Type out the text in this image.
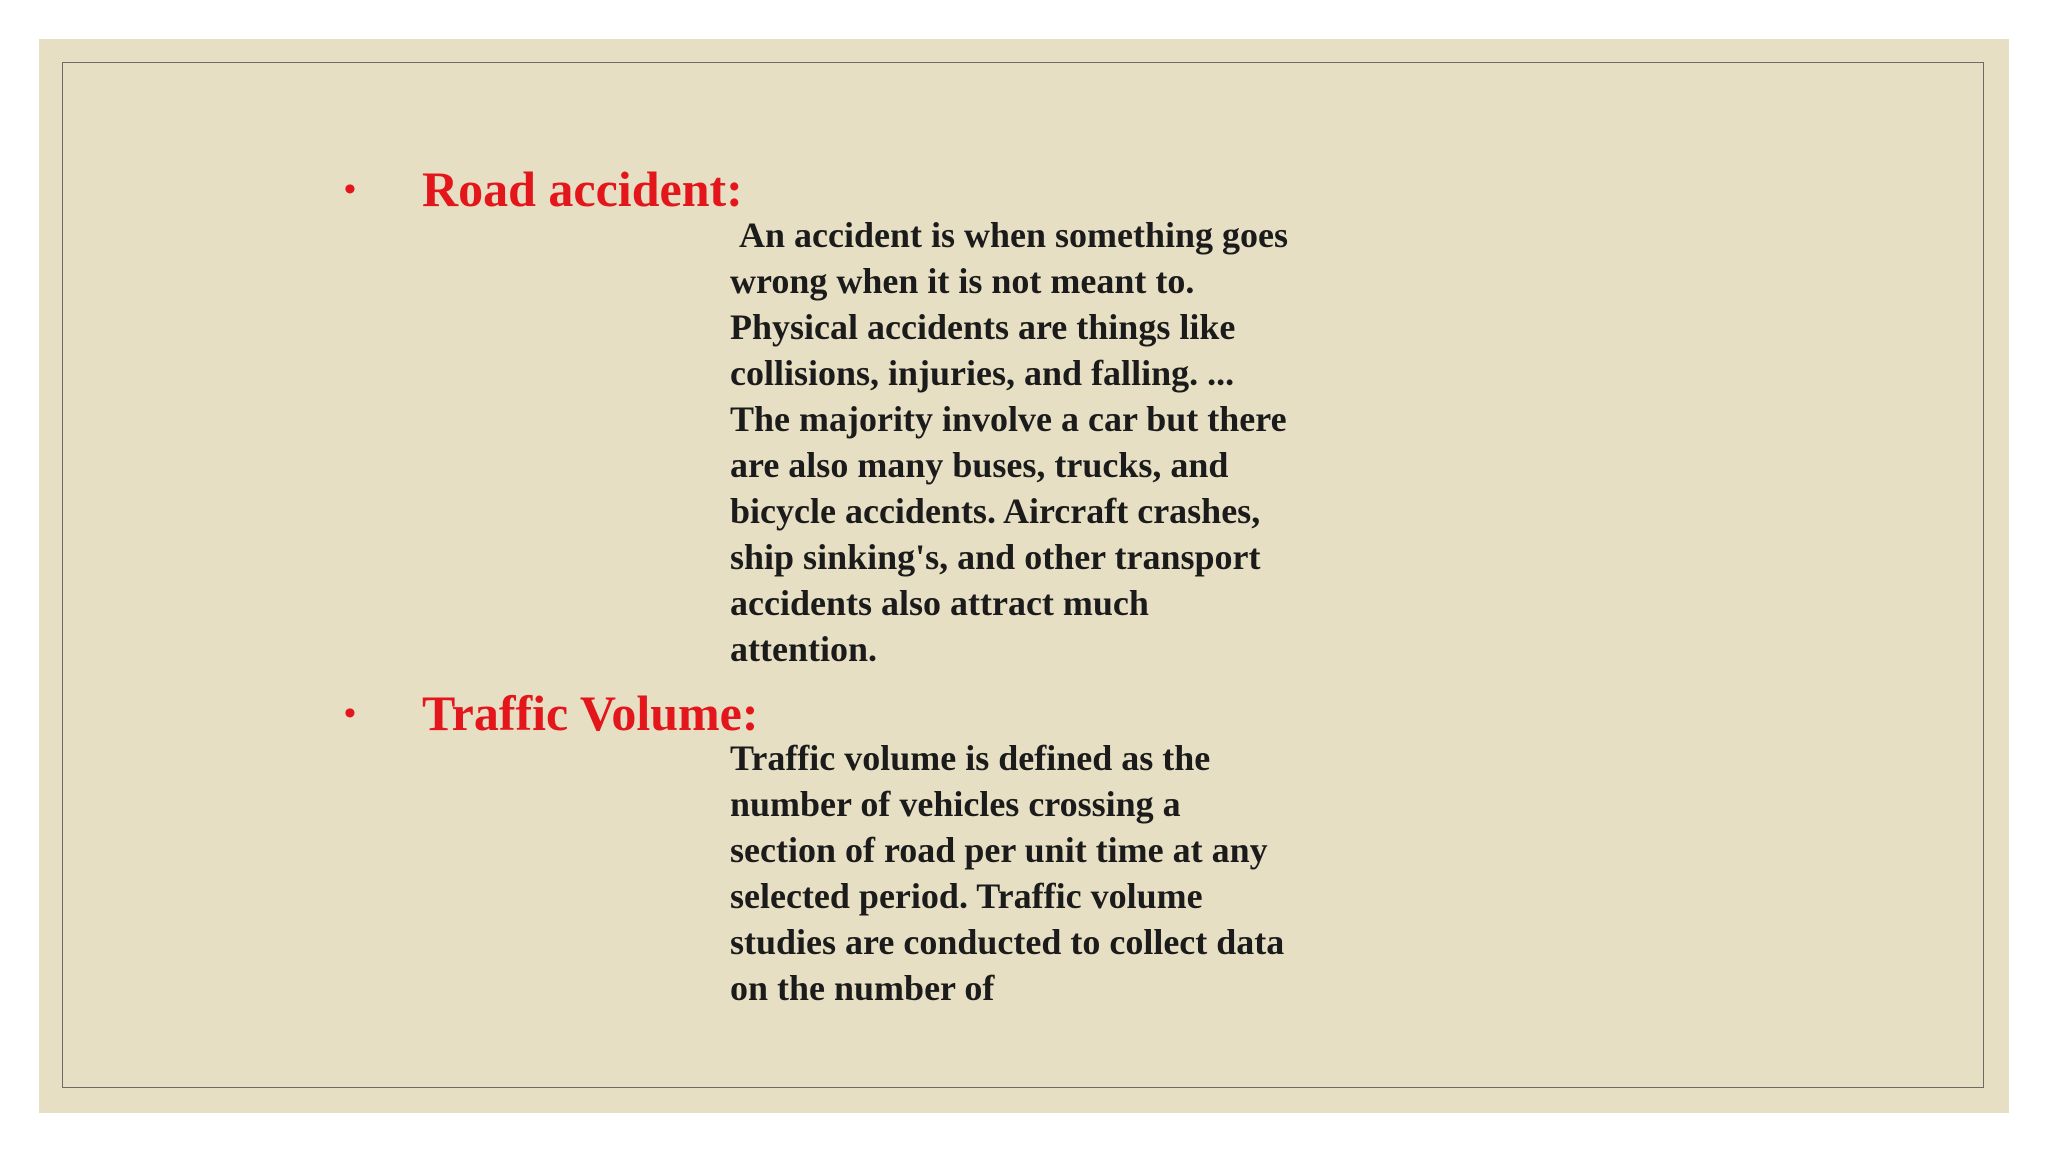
• Road accident:

An accident is when something goes
wrong when it is not meant to.
Physical accidents are things like
collisions, injuries, and falling. ...
The majority involve a car but there
are also many buses, trucks, and
bicycle accidents. Aircraft crashes,
ship sinking's, and other transport
accidents also attract much
attention.

• Traffic Volume:

Traffic volume is defined as the
number of vehicles crossing a
section of road per unit time at any
selected period. Traffic volume
studies are conducted to collect data
on the number of
